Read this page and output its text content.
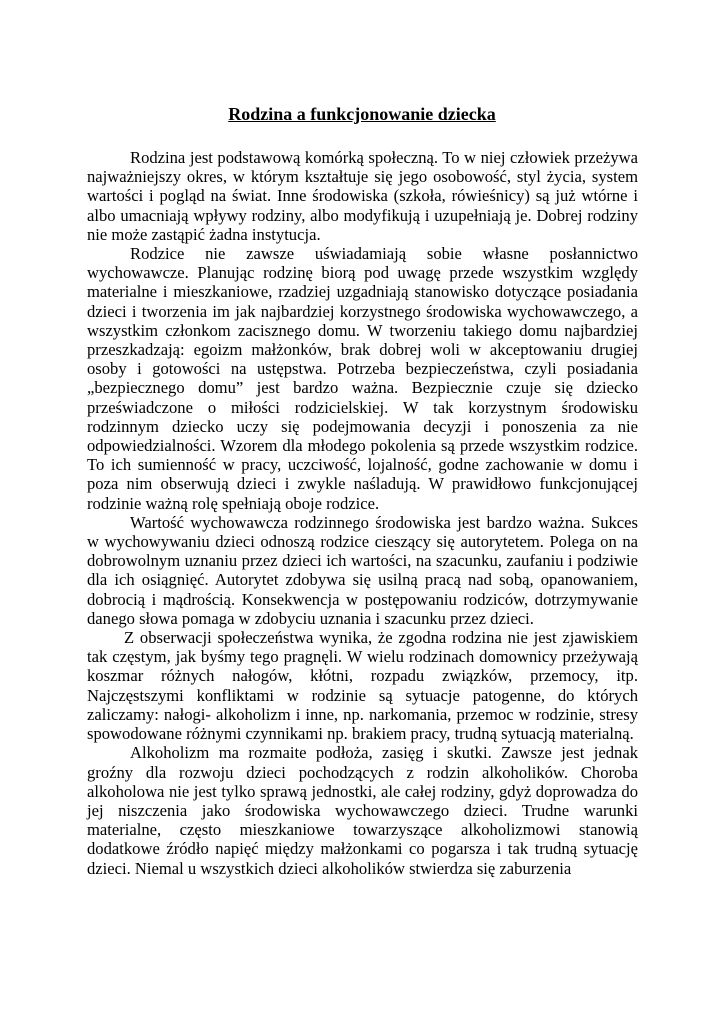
Rodzina a funkcjonowanie dziecka

Rodzina jest podstawową komórką społeczną. To w niej człowiek przeżywa najważniejszy okres, w którym kształtuje się jego osobowość, styl życia, system wartości i pogląd na świat. Inne środowiska (szkoła, rówieśnicy) są już wtórne i albo umacniają wpływy rodziny, albo modyfikują i uzupełniają je. Dobrej rodziny nie może zastąpić żadna instytucja.

Rodzice nie zawsze uświadamiają sobie własne posłannictwo wychowawcze. Planując rodzinę biorą pod uwagę przede wszystkim względy materialne i mieszkaniowe, rzadziej uzgadniają stanowisko dotyczące posiadania dzieci i tworzenia im jak najbardziej korzystnego środowiska wychowawczego, a wszystkim członkom zacisznego domu. W tworzeniu takiego domu najbardziej przeszkadzają: egoizm małżonków, brak dobrej woli w akceptowaniu drugiej osoby i gotowości na ustępstwa. Potrzeba bezpieczeństwa, czyli posiadania „bezpiecznego domu” jest bardzo ważna. Bezpiecznie czuje się dziecko przeświadczone o miłości rodzicielskiej. W tak korzystnym środowisku rodzinnym dziecko uczy się podejmowania decyzji i ponoszenia za nie odpowiedzialności. Wzorem dla młodego pokolenia są przede wszystkim rodzice. To ich sumienność w pracy, uczciwość, lojalność, godne zachowanie w domu i poza nim obserwują dzieci i zwykle naśladują. W prawidłowo funkcjonującej rodzinie ważną rolę spełniają oboje rodzice.

Wartość wychowawcza rodzinnego środowiska jest bardzo ważna. Sukces w wychowywaniu dzieci odnoszą rodzice cieszący się autorytetem. Polega on na dobrowolnym uznaniu przez dzieci ich wartości, na szacunku, zaufaniu i podziwie dla ich osiągnięć. Autorytet zdobywa się usilną pracą nad sobą, opanowaniem, dobrocią i mądrością. Konsekwencja w postępowaniu rodziców, dotrzymywanie danego słowa pomaga w zdobyciu uznania i szacunku przez dzieci.

Z obserwacji społeczeństwa wynika, że zgodna rodzina nie jest zjawiskiem tak częstym, jak byśmy tego pragnęli. W wielu rodzinach domownicy przeżywają koszmar różnych nałogów, kłótni, rozpadu związków, przemocy, itp. Najczęstszymi konfliktami w rodzinie są sytuacje patogenne, do których zaliczamy: nałogi- alkoholizm i inne, np. narkomania, przemoc w rodzinie, stresy spowodowane różnymi czynnikami np. brakiem pracy, trudną sytuacją materialną.

Alkoholizm ma rozmaite podłoża, zasięg i skutki. Zawsze jest jednak groźny dla rozwoju dzieci pochodzących z rodzin alkoholików. Choroba alkoholowa nie jest tylko sprawą jednostki, ale całej rodziny, gdyż doprowadza do jej niszczenia jako środowiska wychowawczego dzieci. Trudne warunki materialne, często mieszkaniowe towarzyszące alkoholizmowi stanowią dodatkowe źródło napięć między małżonkami co pogarsza i tak trudną sytuację dzieci. Niemal u wszystkich dzieci alkoholików stwierdza się zaburzenia
